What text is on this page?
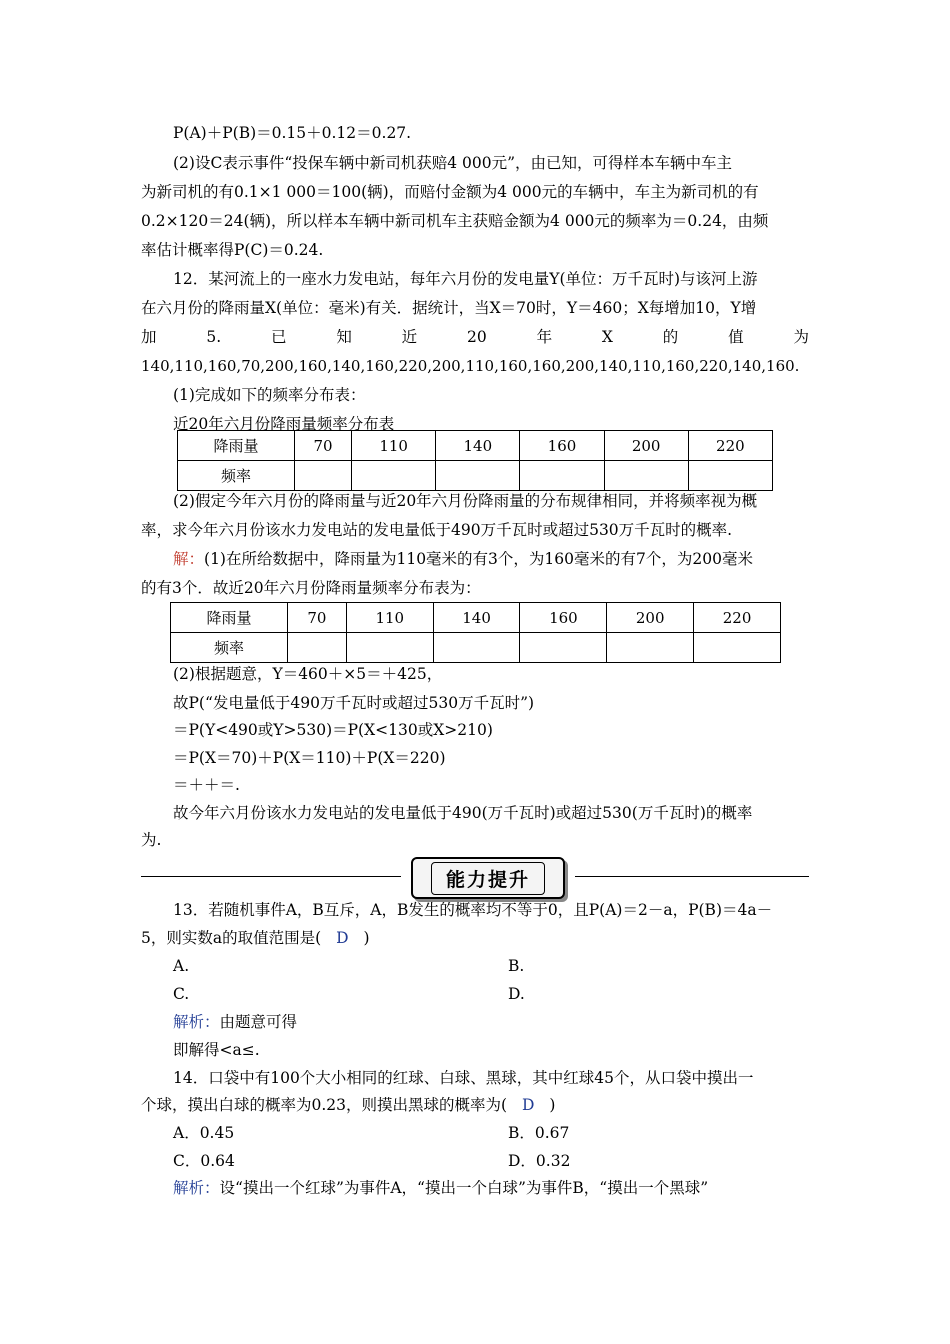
P(A)＋P(B)＝0.15＋0.12＝0.27.
(2)设C表示事件“投保车辆中新司机获赔4 000元”，由已知，可得样本车辆中车主
为新司机的有0.1×1 000＝100(辆)，而赔付金额为4 000元的车辆中，车主为新司机的有
0.2×120＝24(辆)，所以样本车辆中新司机车主获赔金额为4 000元的频率为＝0.24，由频
率估计概率得P(C)＝0.24.
12．某河流上的一座水力发电站，每年六月份的发电量Y(单位：万千瓦时)与该河上游
在六月份的降雨量X(单位：毫米)有关．据统计，当X＝70时，Y＝460；X每增加10，Y增
加	5.	已	知	近	20	年	X	的	值	为
140,110,160,70,200,160,140,160,220,200,110,160,160,200,140,110,160,220,140,160.
(1)完成如下的频率分布表：
近20年六月份降雨量频率分布表
降雨量	70	110	140	160	200	220
频率						
(2)假定今年六月份的降雨量与近20年六月份降雨量的分布规律相同，并将频率视为概
率，求今年六月份该水力发电站的发电量低于490万千瓦时或超过530万千瓦时的概率.
解：(1)在所给数据中，降雨量为110毫米的有3个，为160毫米的有7个，为200毫米
的有3个．故近20年六月份降雨量频率分布表为：
降雨量	70	110	140	160	200	220
频率						
(2)根据题意，Y＝460＋×5＝＋425，
故P(“发电量低于490万千瓦时或超过530万千瓦时”)
＝P(Y<490或Y>530)＝P(X<130或X>210)
＝P(X＝70)＋P(X＝110)＋P(X＝220)
＝＋＋＝.
故今年六月份该水力发电站的发电量低于490(万千瓦时)或超过530(万千瓦时)的概率
为.
能力提升
13．若随机事件A，B互斥，A，B发生的概率均不等于0，且P(A)＝2－a，P(B)＝4a－
5，则实数a的取值范围是( D )
A.	B.
C.	D.
解析：由题意可得
即解得<a≤.
14．口袋中有100个大小相同的红球、白球、黑球，其中红球45个，从口袋中摸出一
个球，摸出白球的概率为0.23，则摸出黑球的概率为( D )
A．0.45	B．0.67
C．0.64	D．0.32
解析：设“摸出一个红球”为事件A，“摸出一个白球”为事件B，“摸出一个黑球”
